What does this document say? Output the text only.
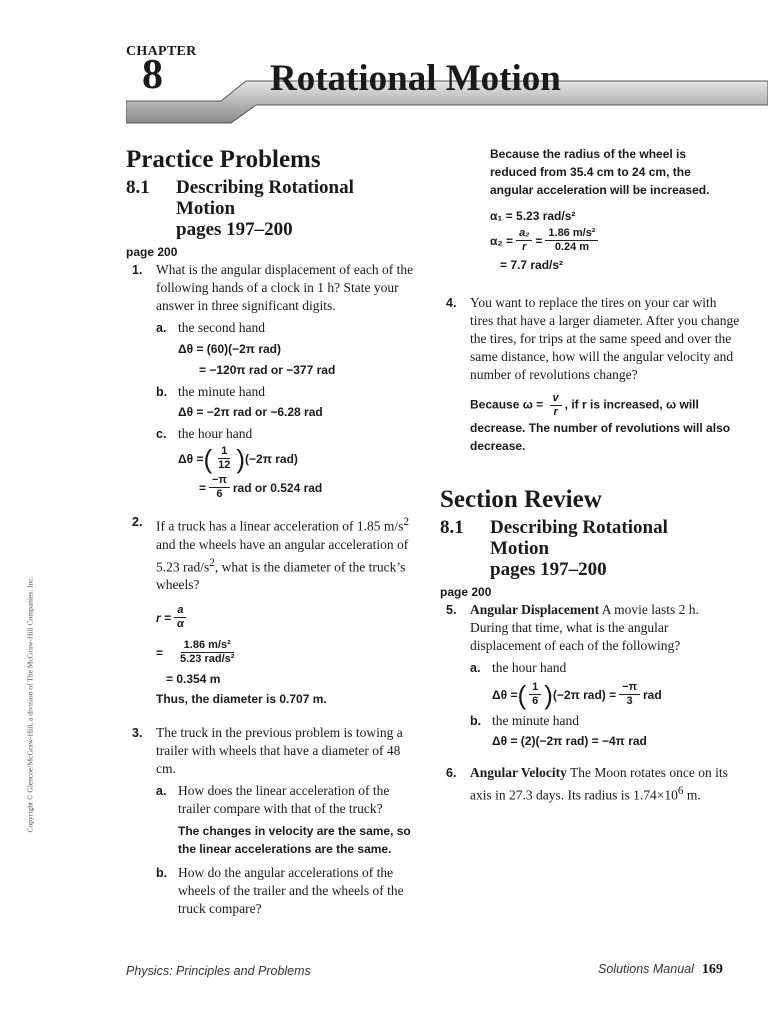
CHAPTER
8	Rotational Motion
Practice Problems
8.1	Describing Rotational
Motion
pages 197–200
page 200
1. What is the angular displacement of each of the following hands of a clock in 1 h? State your answer in three significant digits.
a. the second hand
Δθ = (60)(−2π rad)
= −120π rad or −377 rad
b. the minute hand
Δθ = −2π rad or −6.28 rad
c. the hour hand
Δθ = ( $\frac{1}{12}$ ) (−2π rad)
= $\frac{-\pi}{6}$ rad or 0.524 rad
2. If a truck has a linear acceleration of 1.85 $m/s^2$ and the wheels have an angular acceleration of 5.23 rad/$s^2$, what is the diameter of the truck’s wheels?
$r = \frac{a}{\alpha}$
= $\frac{\text{1.86 m/s²}}{\text{5.23 rad/s²}}$
= 0.354 m
Thus, the diameter is 0.707 m.
3. The truck in the previous problem is towing a trailer with wheels that have a diameter of 48 cm.
a. How does the linear acceleration of the trailer compare with that of the truck?
The changes in velocity are the same, so the linear accelerations are the same.
b. How do the angular accelerations of the wheels of the trailer and the wheels of the truck compare?
Because the radius of the wheel is reduced from 35.4 cm to 24 cm, the angular acceleration will be increased.
α₁ = 5.23 rad/s²
$\alpha_2 = \frac{\text{a₂}}{r} = \frac{\text{1.86 m/s²}}{0.24 m}$
= 7.7 rad/s²
4. You want to replace the tires on your car with tires that have a larger diameter. After you change the tires, for trips at the same speed and over the same distance, how will the angular velocity and number of revolutions change?
Because $\omega = \frac{v}{r}$ , if r is increased, ω will decrease. The number of revolutions will also decrease.
Section Review
8.1	Describing Rotational
Motion
pages 197–200
page 200
5. Angular Displacement A movie lasts 2 h. During that time, what is the angular displacement of each of the following?
a. the hour hand
Δθ = ( $\frac{1}{6}$ ) (−2π $rad) = \frac{-\pi}{3}$ rad
b. the minute hand
Δθ = (2)(−2π rad) = −4π rad
6. Angular Velocity The Moon rotates once on its axis in 27.3 days. Its radius is $1.74\times 10^6$ m.
Copyright © Glencoe/McGraw-Hill, a division of The McGraw-Hill Companies, Inc.
Physics: Principles and Problems	Solutions Manual 169
